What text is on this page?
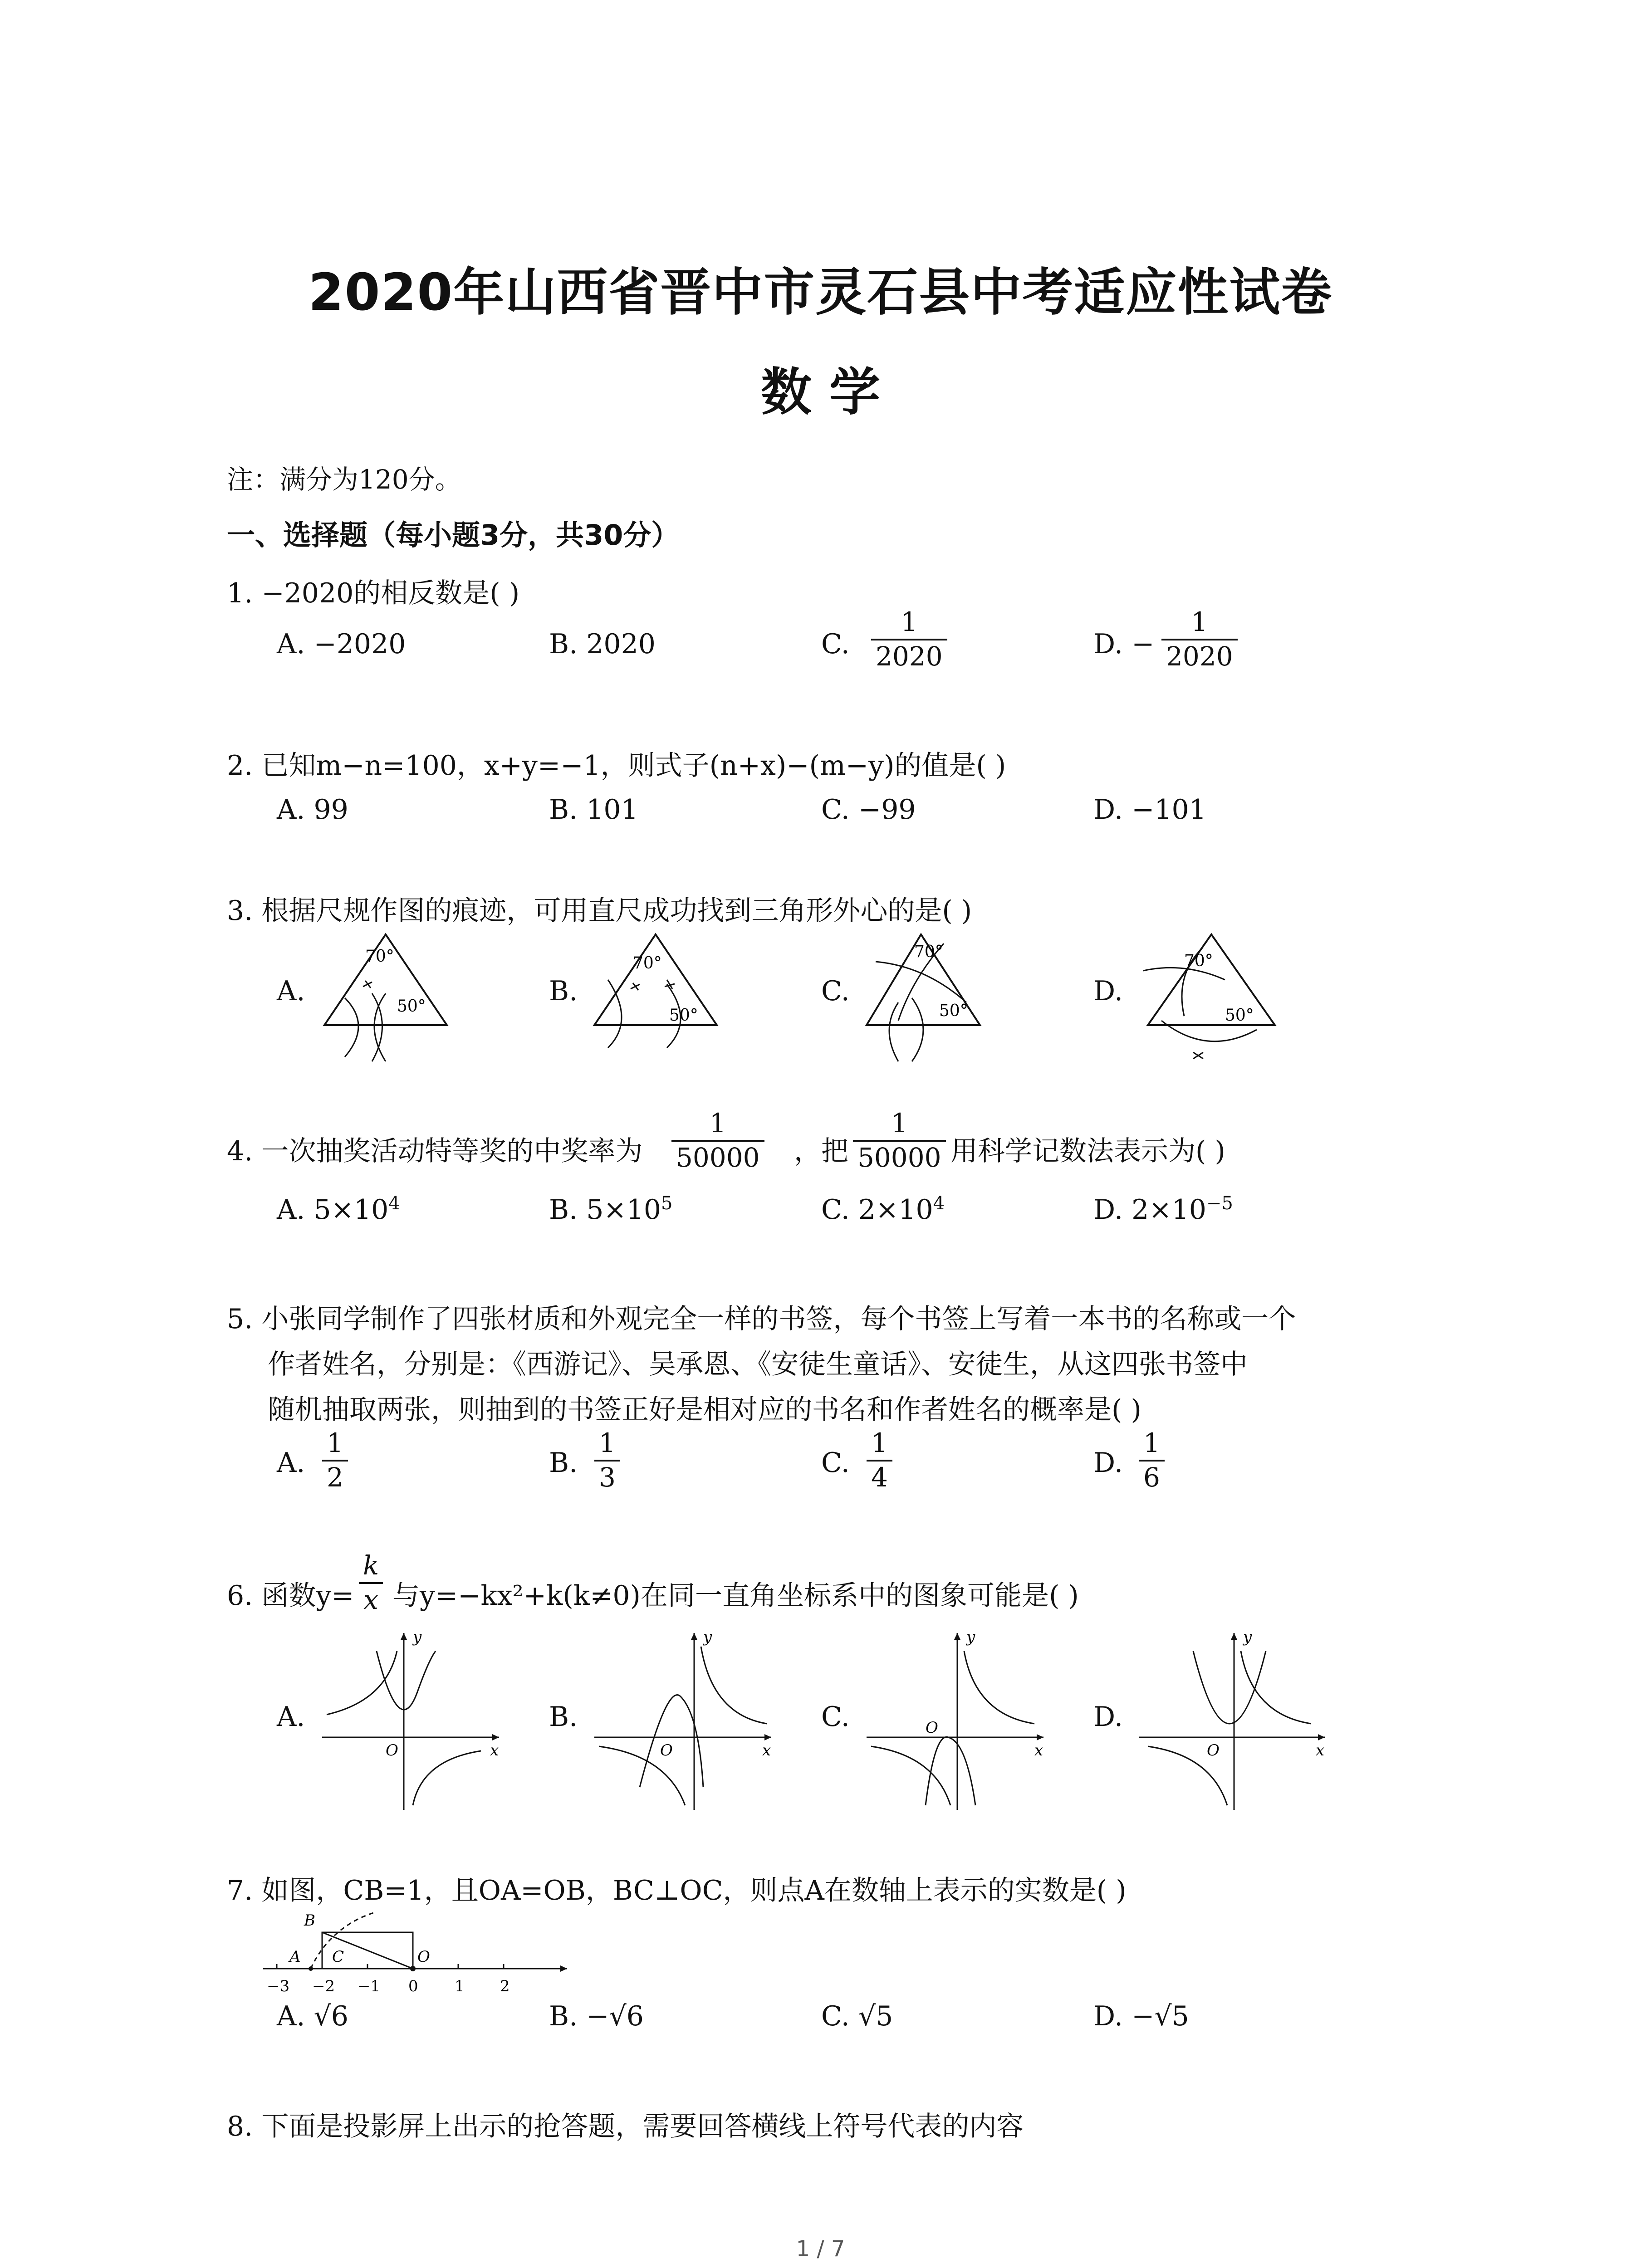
2020年山西省晋中市灵石县中考适应性试卷
数 学
注：满分为120分。
一、选择题（每小题3分，共30分）
1. −2020的相反数是( )
A. −2020	B. 2020	C. $\frac{1}{2020}$	D. − $\frac{1}{2020}$
2. 已知m−n=100，x+y=−1，则式子(n+x)−(m−y)的值是( )
A. 99	B. 101	C. −99	D. −101
3. 根据尺规作图的痕迹，可用直尺成功找到三角形外心的是( )
A.	B.	C.	D.
70°
50°
70°
50°
70°
50°
70°
50°
4. 一次抽奖活动特等奖的中奖率为 $\frac{1}{50000}$ ，把 $\frac{1}{50000}$ 用科学记数法表示为( )
A. $5\times 10^4$	B. $5\times 10^5$	C. $2\times 10^4$	D. $2\times 10^{-5}$
5. 小张同学制作了四张材质和外观完全一样的书签，每个书签上写着一本书的名称或一个
作者姓名，分别是：《西游记》、吴承恩、《安徒生童话》、安徒生，从这四张书签中
随机抽取两张，则抽到的书签正好是相对应的书名和作者姓名的概率是( )
A. $\frac{1}{2}$	B. $\frac{1}{3}$	C. $\frac{1}{4}$	D. $\frac{1}{6}$
6. 函数$y= \frac{k}{x}$ 与y=−kx²+k(k≠0)在同一直角坐标系中的图象可能是( )
A.	B.	C.	D.
y
x
O
y
x
O
y
x
O
y
x
O
7. 如图，CB=1，且OA=OB，BC⊥OC，则点A在数轴上表示的实数是( )
−3 −2 −1 0 1 2
B
A C	O
A. √6	B. −√6	C. √5	D. −√5
8. 下面是投影屏上出示的抢答题，需要回答横线上符号代表的内容
1 / 7
